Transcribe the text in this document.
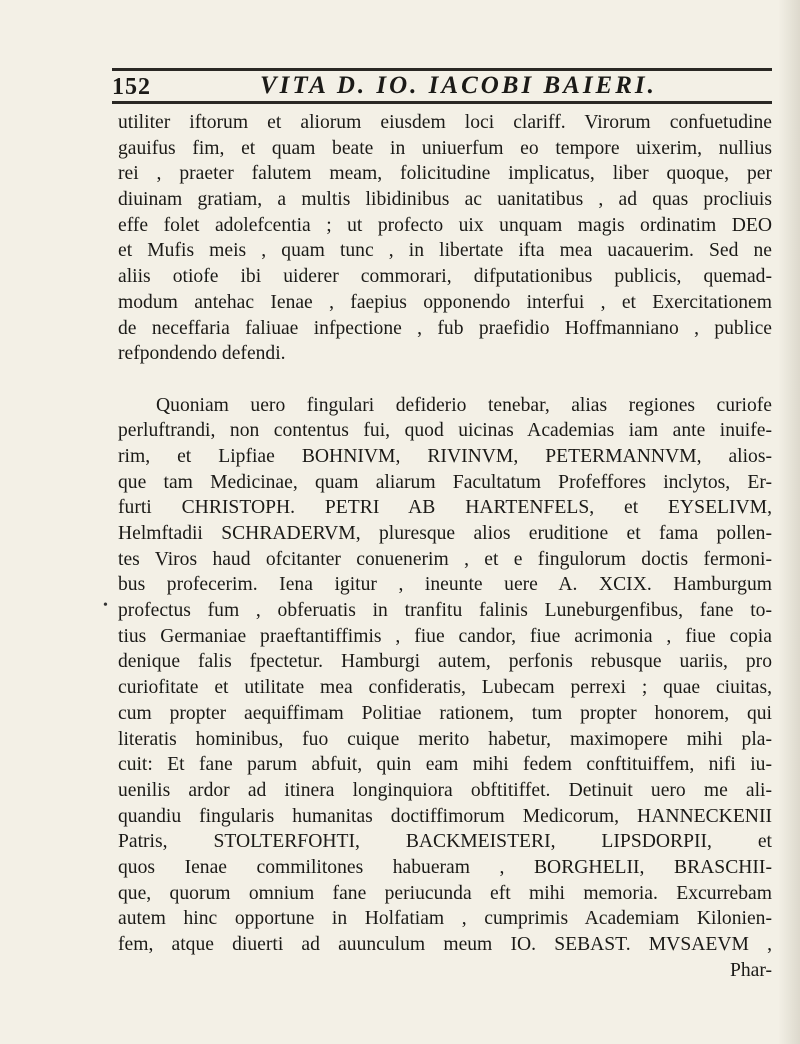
152	VITA D. IO. IACOBI BAIERI.
utiliter iftorum et aliorum eiusdem loci clariff. Virorum confuetudine
gauifus fim, et quam beate in uniuerfum eo tempore uixerim, nullius
rei , praeter falutem meam, folicitudine implicatus, liber quoque, per
diuinam gratiam, a multis libidinibus ac uanitatibus , ad quas procliuis
effe folet adolefcentia ; ut profecto uix unquam magis ordinatim DEO
et Mufis meis , quam tunc , in libertate ifta mea uacauerim. Sed ne
aliis otiofe ibi uiderer commorari, difputationibus publicis, quemad-
modum antehac Ienae , faepius opponendo interfui , et Exercitationem
de neceffaria faliuae infpectione , fub praefidio Hoffmanniano , publice
refpondendo defendi.
Quoniam uero fingulari defiderio tenebar, alias regiones curiofe
perluftrandi, non contentus fui, quod uicinas Academias iam ante inuife-
rim, et Lipfiae BOHNIVM, RIVINVM, PETERMANNVM, alios-
que tam Medicinae, quam aliarum Facultatum Profeffores inclytos, Er-
furti CHRISTOPH. PETRI AB HARTENFELS, et EYSELIVM,
Helmftadii SCHRADERVM, pluresque alios eruditione et fama pollen-
tes Viros haud ofcitanter conuenerim , et e fingulorum doctis fermoni-
bus profecerim. Iena igitur , ineunte uere A. XCIX. Hamburgum
profectus fum , obferuatis in tranfitu falinis Luneburgenfibus, fane to-
tius Germaniae praeftantiffimis , fiue candor, fiue acrimonia , fiue copia
denique falis fpectetur. Hamburgi autem, perfonis rebusque uariis, pro
curiofitate et utilitate mea confideratis, Lubecam perrexi ; quae ciuitas,
cum propter aequiffimam Politiae rationem, tum propter honorem, qui
literatis hominibus, fuo cuique merito habetur, maximopere mihi pla-
cuit: Et fane parum abfuit, quin eam mihi fedem conftituiffem, nifi iu-
uenilis ardor ad itinera longinquiora obftitiffet. Detinuit uero me ali-
quandiu fingularis humanitas doctiffimorum Medicorum, HANNECKENII
Patris, STOLTERFOHTI, BACKMEISTERI, LIPSDORPII, et
quos Ienae commilitones habueram , BORGHELII, BRASCHII-
que, quorum omnium fane periucunda eft mihi memoria. Excurrebam
autem hinc opportune in Holfatiam , cumprimis Academiam Kilonien-
fem, atque diuerti ad auunculum meum IO. SEBAST. MVSAEVM ,
Phar-
•
